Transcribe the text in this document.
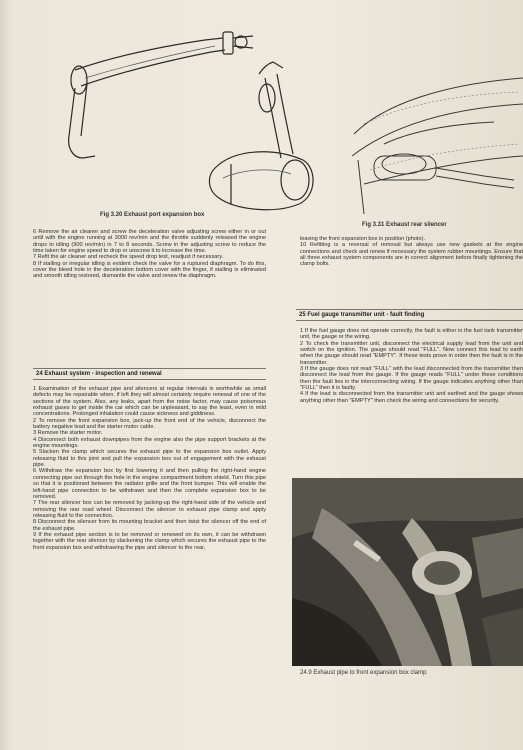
Fig 3.30 Exhaust port expansion box
Fig 3.31 Exhaust rear silencer

6 Remove the air cleaner and screw the deceleration valve adjusting screw either in or out until with the engine running at 3000 rev/min and the throttle suddenly released the engine drops to idling (900 rev/min) in 7 to 8 seconds. Screw in the adjusting screw to reduce the time taken for engine speed to drop or unscrew it to increase the time.

7 Refit the air cleaner and recheck the speed drop test, readjust if necessary.

8 If stalling or irregular idling is evident check the valve for a ruptured diaphragm. To do this, cover the bleed hole in the deceleration bottom cover with the finger, if stalling is eliminated and smooth idling restored, dismantle the valve and renew the diaphragm.

24 Exhaust system - inspection and renewal

1 Examination of the exhaust pipe and silencers at regular intervals is worthwhile as small defects may be repairable when, if left they will almost certainly require renewal of one of the sections of the system. Also, any leaks, apart from the noise factor, may cause poisonous exhaust gases to get inside the car which can be unpleasant, to say the least, even in mild concentrations. Prolonged inhalation could cause sickness and giddiness.

2 To remove the front expansion box, jack-up the front end of the vehicle, disconnect the battery negative lead and the starter motor cable.

3 Remove the starter motor.

4 Disconnect both exhaust downpipes from the engine also the pipe support brackets at the engine mountings.

5 Slacken the clamp which secures the exhaust pipe to the expansion box outlet. Apply releasing fluid to this joint and pull the expansion box out of engagement with the exhaust pipe.

6 Withdraw the expansion box by first lowering it and then pulling the right-hand engine connecting pipe out through the hole in the engine compartment bottom shield. Turn this pipe so that it is positioned between the radiator grille and the front bumper. This will enable the left-hand pipe connection to be withdrawn and then the complete expansion box to be removed.

7 The rear silencer box can be removed by jacking-up the right-hand side of the vehicle and removing the rear road wheel. Disconnect the silencer to exhaust pipe clamp and apply releasing fluid to the connection.

8 Disconnect the silencer from its mounting bracket and then twist the silencer off the end of the exhaust pipe.

9 If the exhaust pipe section is to be removed or renewed on its own, it can be withdrawn together with the rear silencer by slackening the clamp which secures the exhaust pipe to the front expansion box and withdrawing the pipe and silencer to the rear,

leaving the front expansion box in position (photo).

10 Refitting is a reversal of removal but always use new gaskets at the engine connections and check and renew if necessary the system rubber mountings. Ensure that all three exhaust system components are in correct alignment before finally tightening the clamp bolts.

25 Fuel gauge transmitter unit - fault finding

1 If the fuel gauge does not operate correctly, the fault is either in the fuel tank transmitter unit, the gauge or the wiring.

2 To check the transmitter unit, disconnect the electrical supply lead from the unit and switch on the ignition. The gauge should read "FULL". Now connect this lead to earth when the gauge should read "EMPTY". If these tests prove in order then the fault is in the transmitter.

3 If the gauge does not read "FULL" with the lead disconnected from the transmitter then disconnect the lead from the gauge. If the gauge reads "FULL" under these conditions then the fault lies in the interconnecting wiring. If the gauge indicates anything other than "FULL" then it is faulty.

4 If the lead is disconnected from the transmitter unit and earthed and the gauge shows anything other than "EMPTY" then check the wiring and connections for security.

24.9 Exhaust pipe to front expansion box clamp
